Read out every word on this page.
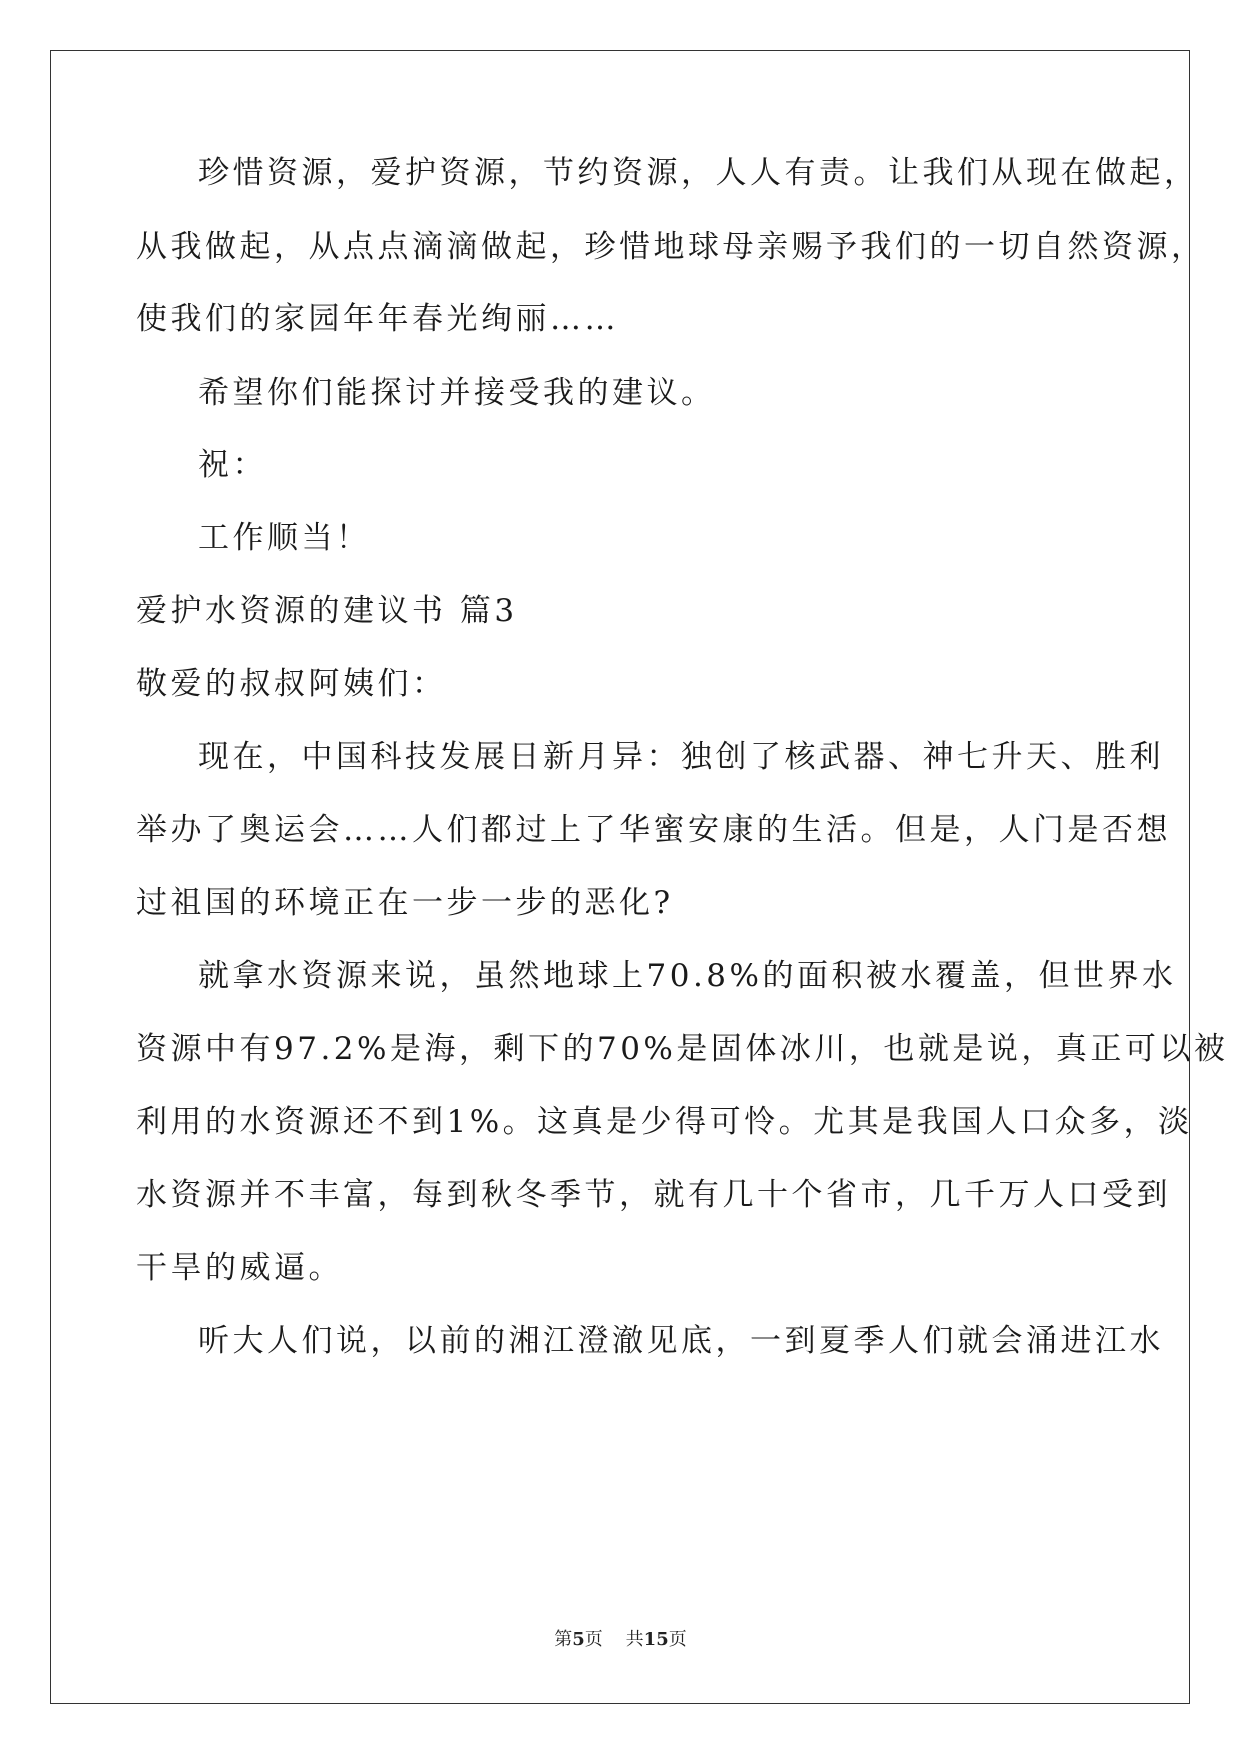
珍惜资源，爱护资源，节约资源，人人有责。让我们从现在做起，
从我做起，从点点滴滴做起，珍惜地球母亲赐予我们的一切自然资源，
使我们的家园年年春光绚丽……
希望你们能探讨并接受我的建议。
祝：
工作顺当！
爱护水资源的建议书 篇3
敬爱的叔叔阿姨们：
现在，中国科技发展日新月异：独创了核武器、神七升天、胜利
举办了奥运会……人们都过上了华蜜安康的生活。但是，人门是否想
过祖国的环境正在一步一步的恶化?
就拿水资源来说，虽然地球上70.8%的面积被水覆盖，但世界水
资源中有97.2%是海，剩下的70%是固体冰川，也就是说，真正可以被
利用的水资源还不到1%。这真是少得可怜。尤其是我国人口众多，淡
水资源并不丰富，每到秋冬季节，就有几十个省市，几千万人口受到
干旱的威逼。
听大人们说，以前的湘江澄澈见底，一到夏季人们就会涌进江水
第5页 共15页
